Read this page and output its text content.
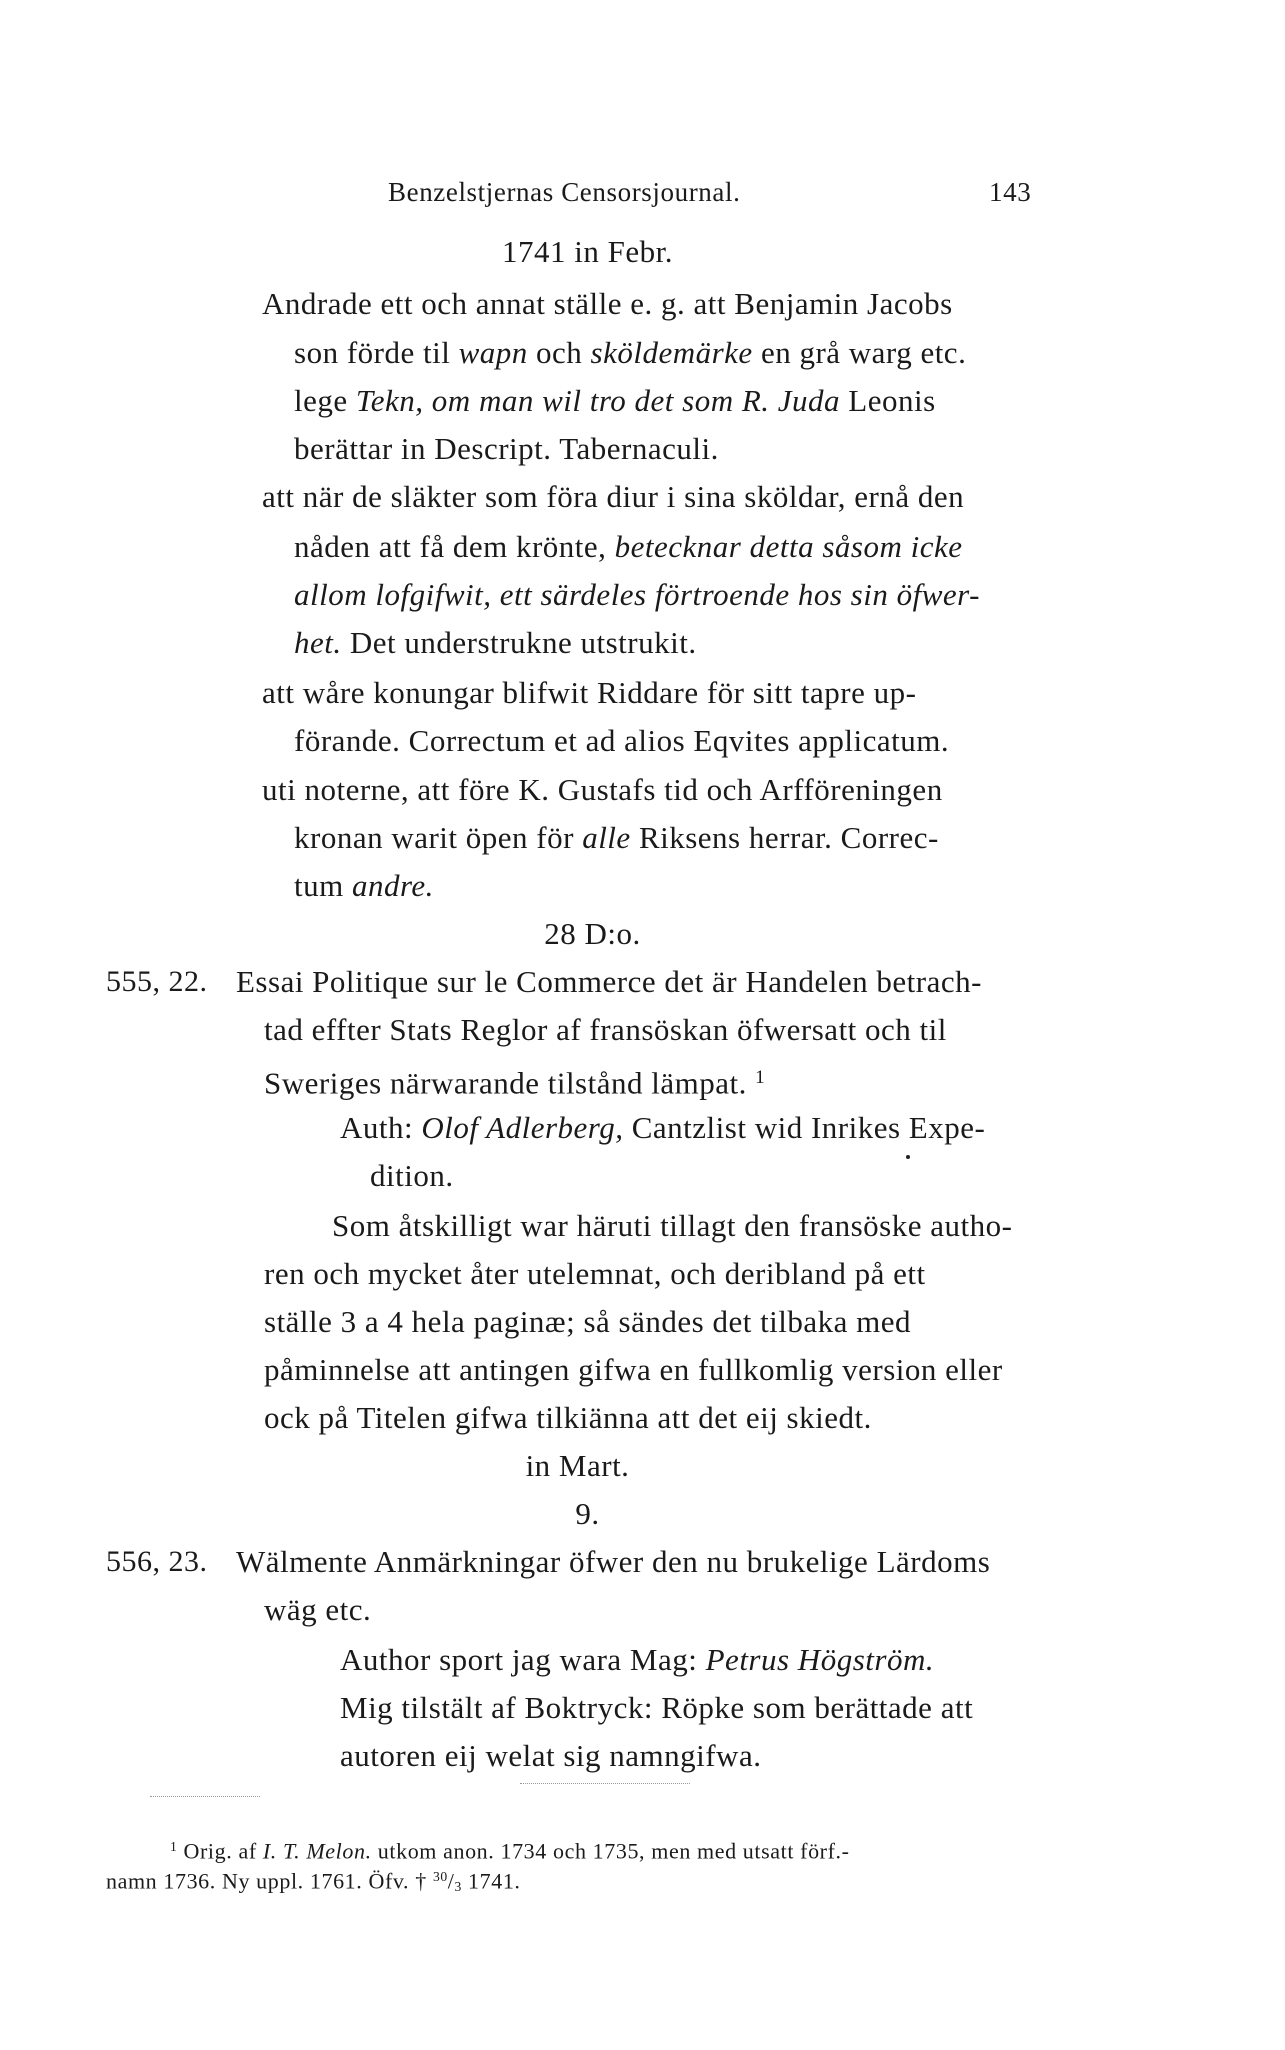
Benzelstjernas Censorsjournal.	143
1741 in Febr.
Andrade ett och annat ställe e. g. att Benjamin Jacobs
son förde til wapn och sköldemärke en grå warg etc.
lege Tekn, om man wil tro det som R. Juda Leonis
berättar in Descript. Tabernaculi.
att när de släkter som föra diur i sina sköldar, ernå den
nåden att få dem krönte, betecknar detta såsom icke
allom lofgifwit, ett särdeles förtroende hos sin öfwer-
het. Det understrukne utstrukit.
att wåre konungar blifwit Riddare för sitt tapre up-
förande. Correctum et ad alios Eqvites applicatum.
uti noterne, att före K. Gustafs tid och Arfföreningen
kronan warit öpen för alle Riksens herrar. Correc-
tum andre.
28 D:o.
555, 22. Essai Politique sur le Commerce det är Handelen betrach-
tad effter Stats Reglor af fransöskan öfwersatt och til
Sweriges närwarande tilstånd lämpat. $^1$
Auth: Olof Adlerberg, Cantzlist wid Inrikes Expe-
dition.
Som åtskilligt war häruti tillagt den fransöske autho-
ren och mycket åter utelemnat, och deribland på ett
ställe 3 a 4 hela paginæ; så sändes det tilbaka med
påminnelse att antingen gifwa en fullkomlig version eller
ock på Titelen gifwa tilkiänna att det eij skiedt.
in Mart.
9.
556, 23. Wälmente Anmärkningar öfwer den nu brukelige Lärdoms
wäg etc.
Author sport jag wara Mag: Petrus Högström.
Mig tilstält af Boktryck: Röpke som berättade att
autoren eij welat sig namngifwa.
$^1$ Orig. af I. T. Melon. utkom anon. 1734 och 1735, men med utsatt förf.-
namn 1736. Ny uppl. 1761. Öfv. † $^{30}$/3 1741.
